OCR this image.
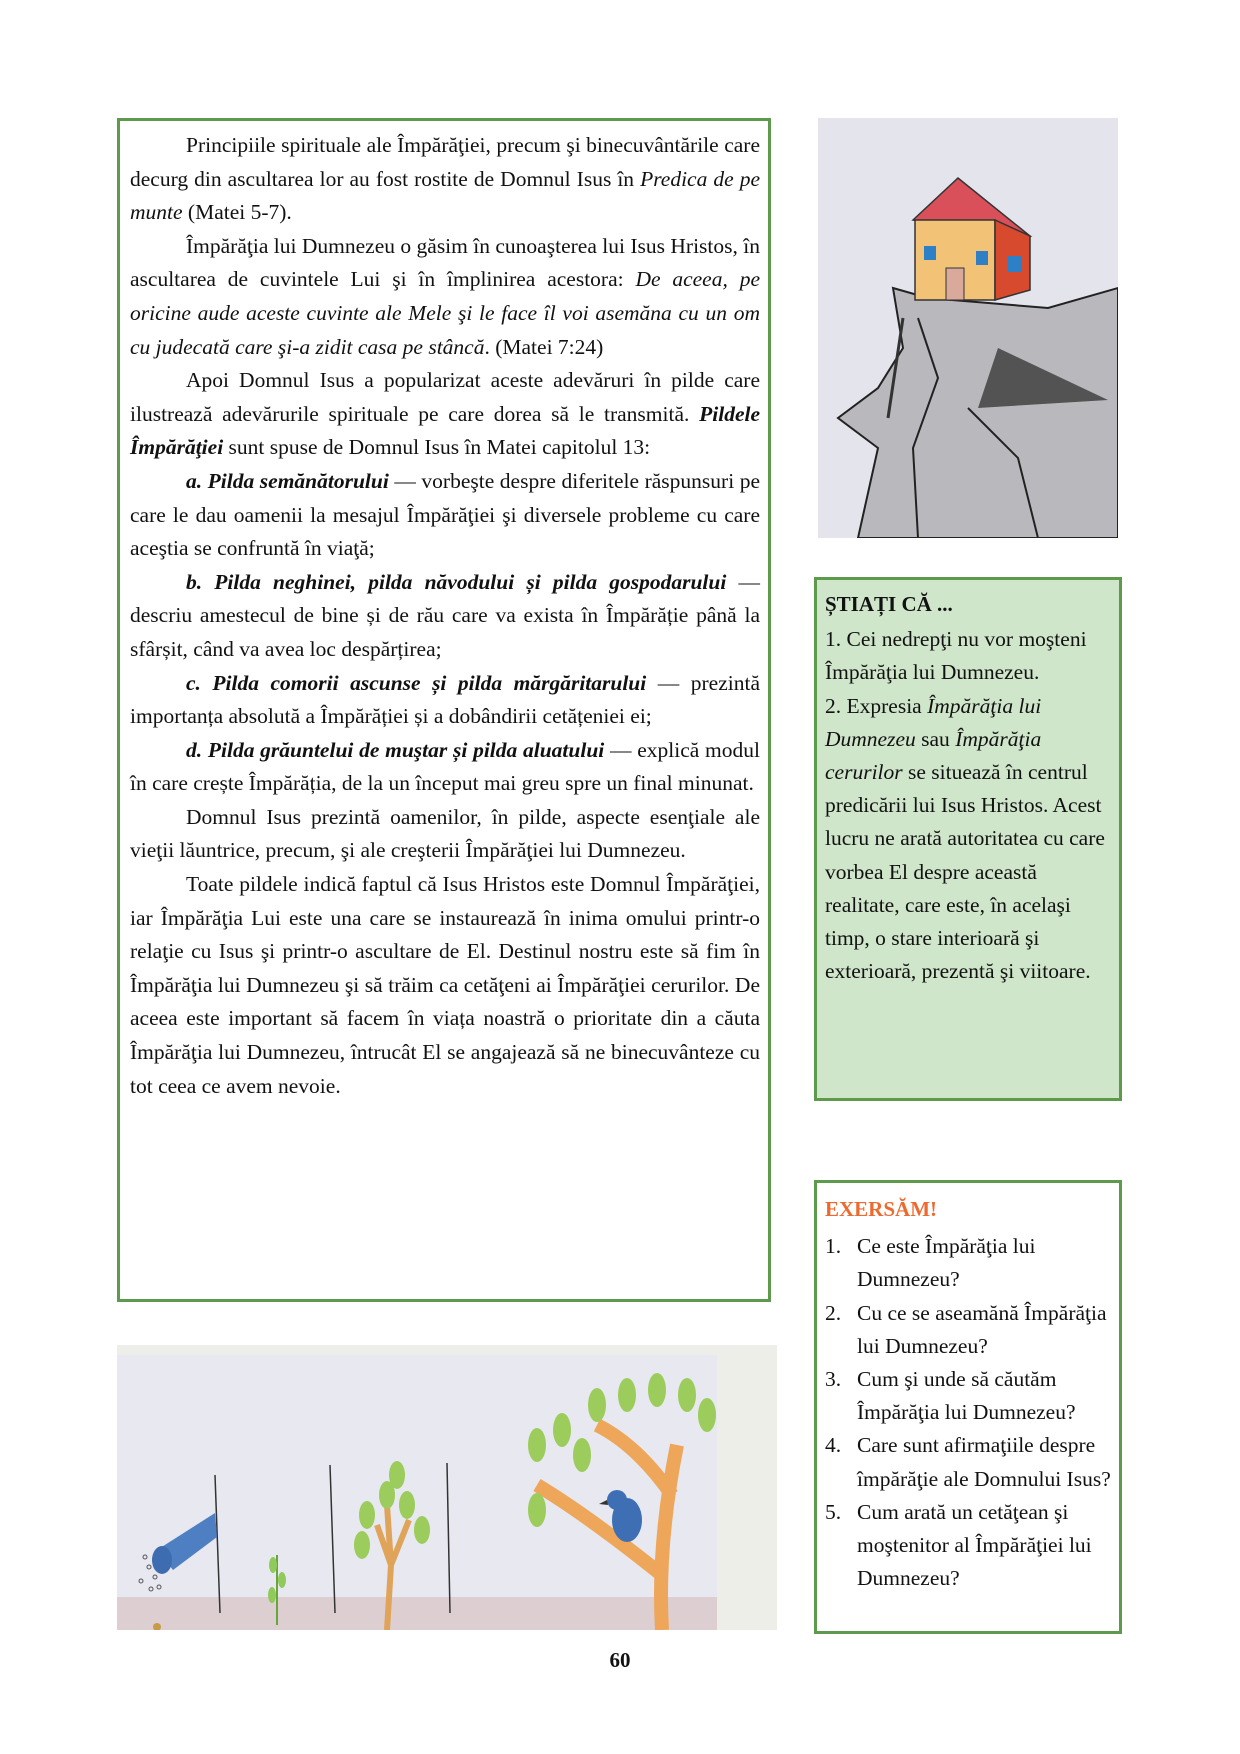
Principiile spirituale ale Împărăţiei, precum şi binecuvântările care decurg din ascultarea lor au fost rostite de Domnul Isus în Predica de pe munte (Matei 5-7).

Împărăţia lui Dumnezeu o găsim în cunoaşterea lui Isus Hristos, în ascultarea de cuvintele Lui şi în împlinirea acestora: De aceea, pe oricine aude aceste cuvinte ale Mele şi le face îl voi asemăna cu un om cu judecată care şi-a zidit casa pe stâncă. (Matei 7:24)

Apoi Domnul Isus a popularizat aceste adevăruri în pilde care ilustrează adevărurile spirituale pe care dorea să le transmită. Pildele Împărăţiei sunt spuse de Domnul Isus în Matei capitolul 13:

a. Pilda semănătorului — vorbeşte despre diferitele răspunsuri pe care le dau oamenii la mesajul Împărăţiei şi diversele probleme cu care aceştia se confruntă în viaţă;

b. Pilda neghinei, pilda năvodului și pilda gospodarului — descriu amestecul de bine și de rău care va exista în Împărăție până la sfârșit, când va avea loc despărțirea;

c. Pilda comorii ascunse și pilda mărgăritarului — prezintă importanța absolută a Împărăției și a dobândirii cetățeniei ei;

d. Pilda grăuntelui de muştar și pilda aluatului — explică modul în care crește Împărăția, de la un început mai greu spre un final minunat.

Domnul Isus prezintă oamenilor, în pilde, aspecte esenţiale ale vieţii lăuntrice, precum, şi ale creşterii Împărăţiei lui Dumnezeu.

Toate pildele indică faptul că Isus Hristos este Domnul Împărăţiei, iar Împărăţia Lui este una care se instaurează în inima omului printr-o relaţie cu Isus şi printr-o ascultare de El. Destinul nostru este să fim în Împărăţia lui Dumnezeu şi să trăim ca cetăţeni ai Împărăţiei cerurilor. De aceea este important să facem în viața noastră o prioritate din a căuta Împărăţia lui Dumnezeu, întrucât El se angajează să ne binecuvânteze cu tot ceea ce avem nevoie.

ȘTIAȚI CĂ ...

1. Cei nedrepţi nu vor moşteni Împărăţia lui Dumnezeu.

2. Expresia Împărăţia lui Dumnezeu sau Împărăţia cerurilor se situează în centrul predicării lui Isus Hristos. Acest lucru ne arată autoritatea cu care vorbea El despre această realitate, care este, în acelaşi timp, o stare interioară şi exterioară, prezentă şi viitoare.

EXERSĂM!
1. Ce este Împărăţia lui Dumnezeu?
2. Cu ce se aseamănă Împărăţia lui Dumnezeu?
3. Cum şi unde să căutăm Împărăţia lui Dumnezeu?
4. Care sunt afirmaţiile despre împărăţie ale Domnului Isus?
5. Cum arată un cetăţean şi moştenitor al Împărăţiei lui Dumnezeu?
60
